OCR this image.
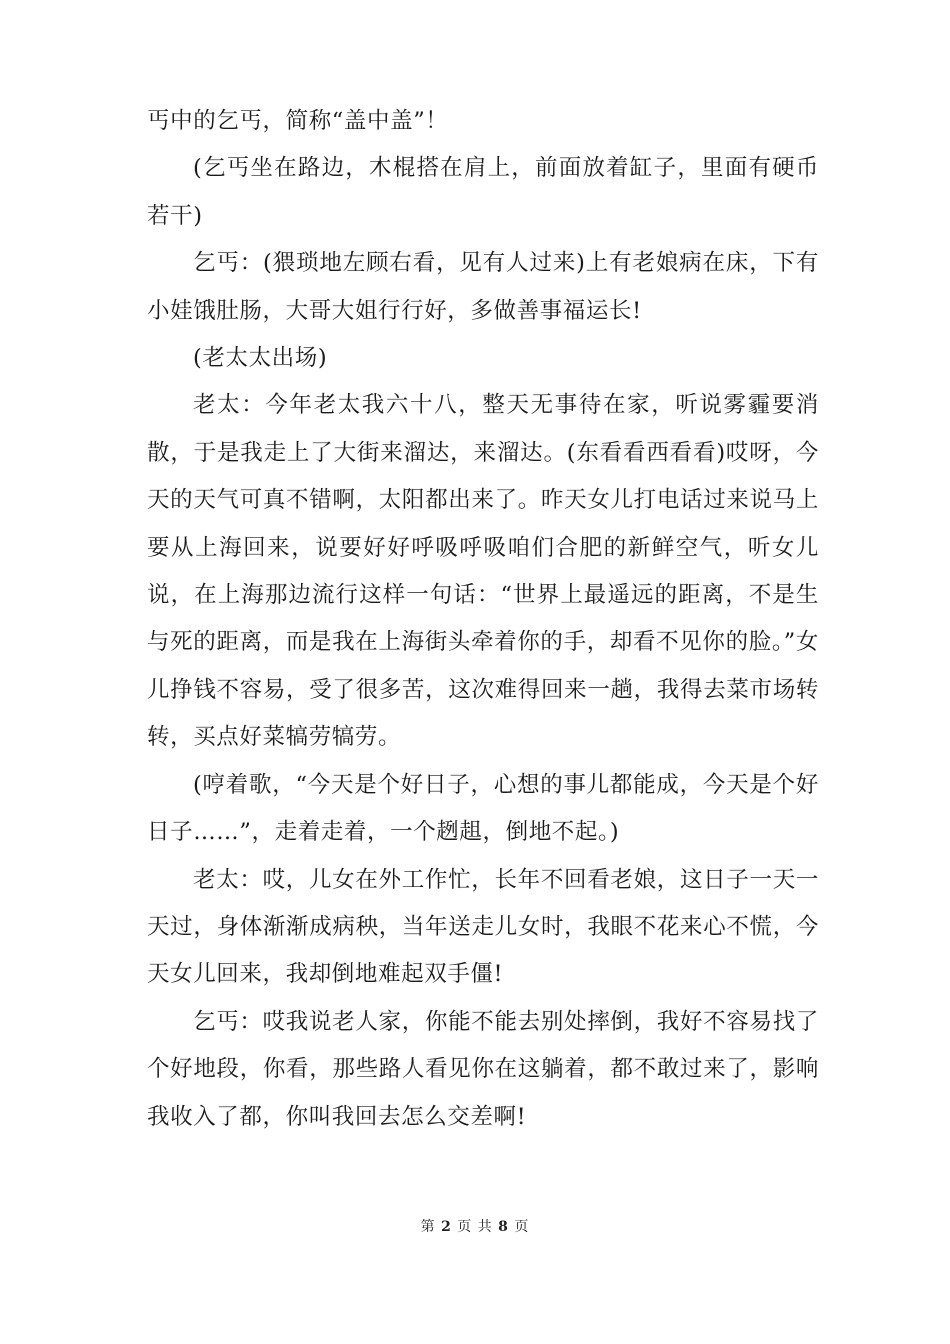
丐中的乞丐，简称“盖中盖”！

(乞丐坐在路边，木棍搭在肩上，前面放着缸子，里面有硬币若干)

乞丐：(猥琐地左顾右看，见有人过来)上有老娘病在床，下有小娃饿肚肠，大哥大姐行行好，多做善事福运长!

(老太太出场)

老太：今年老太我六十八，整天无事待在家，听说雾霾要消散，于是我走上了大街来溜达，来溜达。(东看看西看看)哎呀，今天的天气可真不错啊，太阳都出来了。昨天女儿打电话过来说马上要从上海回来，说要好好呼吸呼吸咱们合肥的新鲜空气，听女儿说，在上海那边流行这样一句话：“世界上最遥远的距离，不是生与死的距离，而是我在上海街头牵着你的手，却看不见你的脸。”女儿挣钱不容易，受了很多苦，这次难得回来一趟，我得去菜市场转转，买点好菜犒劳犒劳。

(哼着歌，“今天是个好日子，心想的事儿都能成，今天是个好日子……”，走着走着，一个趔趄，倒地不起。)

老太：哎，儿女在外工作忙，长年不回看老娘，这日子一天一天过，身体渐渐成病秧，当年送走儿女时，我眼不花来心不慌，今天女儿回来，我却倒地难起双手僵!

乞丐：哎我说老人家，你能不能去别处摔倒，我好不容易找了个好地段，你看，那些路人看见你在这躺着，都不敢过来了，影响我收入了都，你叫我回去怎么交差啊!

第 2 页 共 8 页
